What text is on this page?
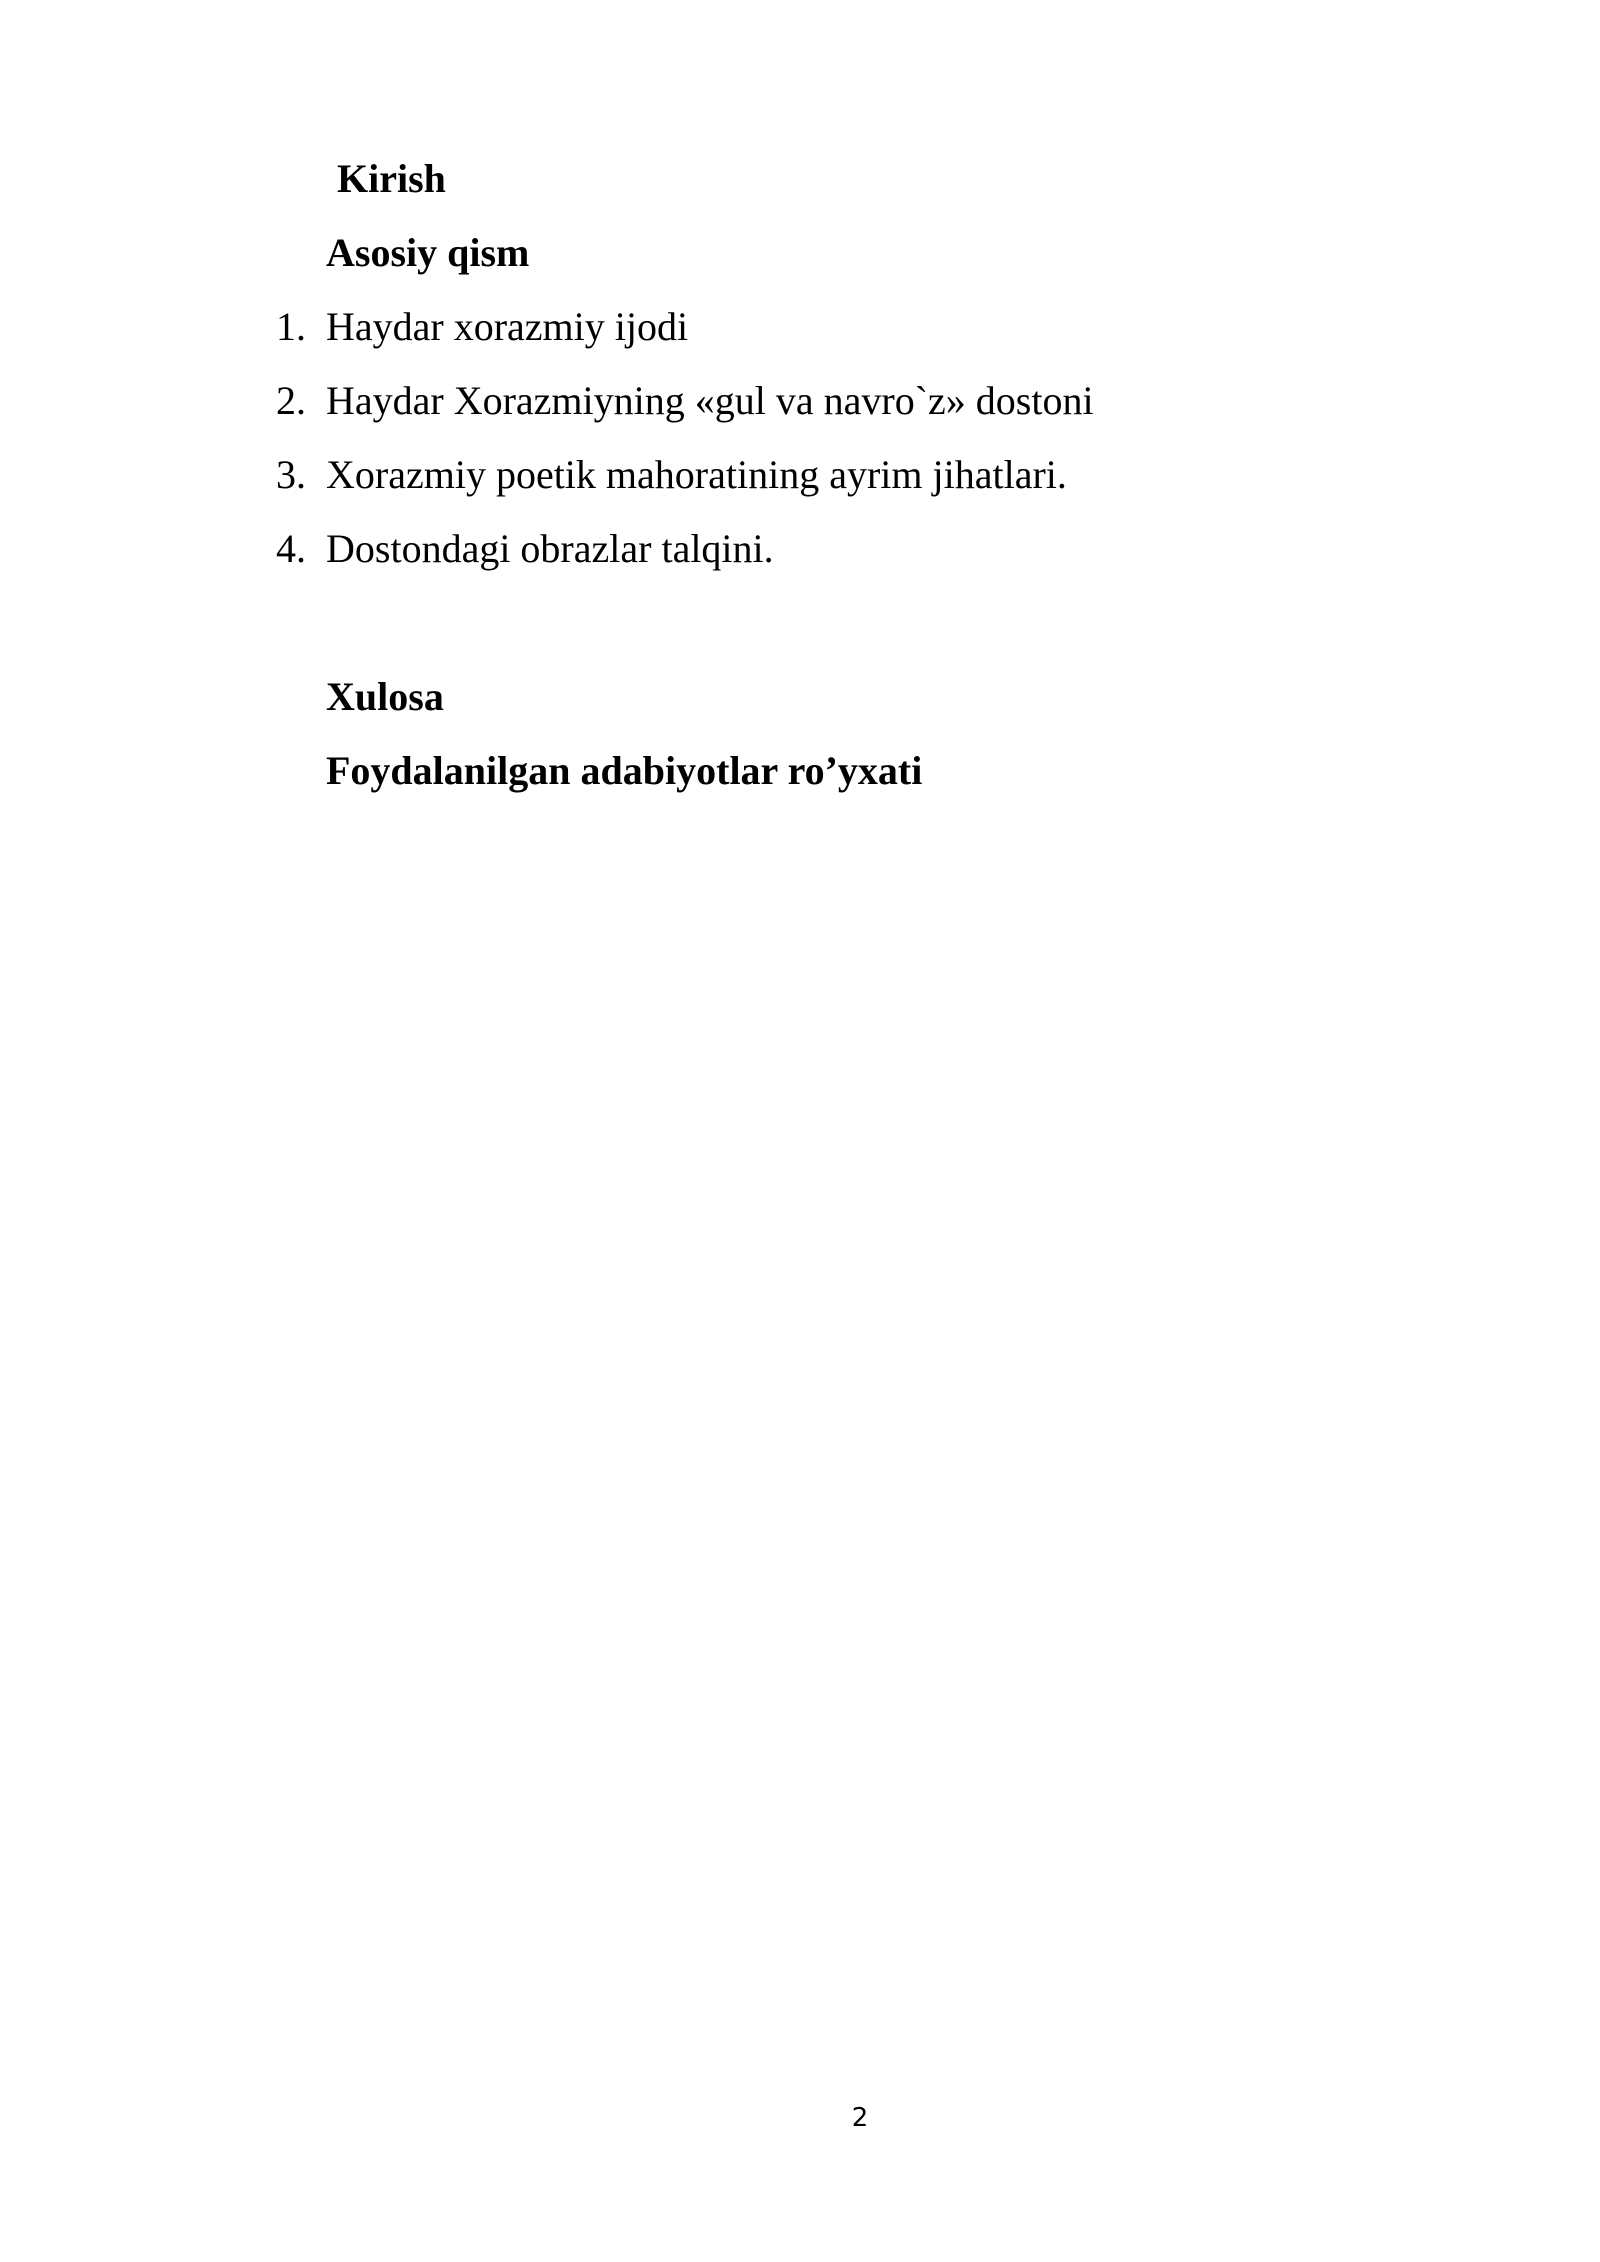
Kirish
Asosiy qism
1. Haydar xorazmiy ijodi
2. Haydar Xorazmiyning «gul va navro`z» dostoni
3. Xorazmiy poetik mahoratining ayrim jihatlari.
4. Dostondagi obrazlar talqini.
Xulosa
Foydalanilgan adabiyotlar ro’yxati
2
